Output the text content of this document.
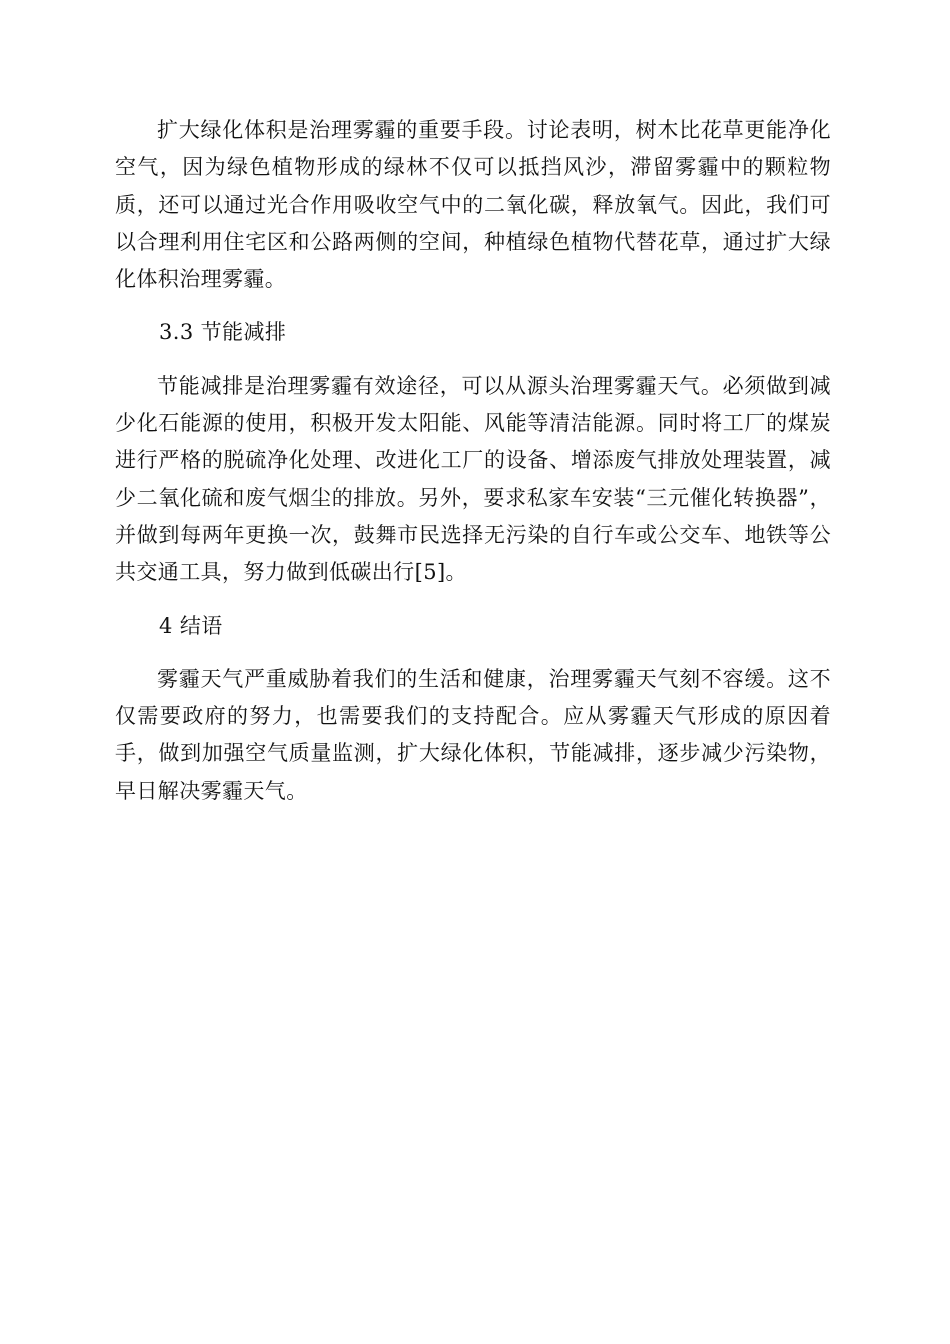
扩大绿化体积是治理雾霾的重要手段。讨论表明，树木比花草更能净化空气，因为绿色植物形成的绿林不仅可以抵挡风沙，滞留雾霾中的颗粒物质，还可以通过光合作用吸收空气中的二氧化碳，释放氧气。因此，我们可以合理利用住宅区和公路两侧的空间，种植绿色植物代替花草，通过扩大绿化体积治理雾霾。

3.3 节能减排

节能减排是治理雾霾有效途径，可以从源头治理雾霾天气。必须做到减少化石能源的使用，积极开发太阳能、风能等清洁能源。同时将工厂的煤炭进行严格的脱硫净化处理、改进化工厂的设备、增添废气排放处理装置，减少二氧化硫和废气烟尘的排放。另外，要求私家车安装“三元催化转换器”，并做到每两年更换一次，鼓舞市民选择无污染的自行车或公交车、地铁等公共交通工具，努力做到低碳出行[5]。

4 结语

雾霾天气严重威胁着我们的生活和健康，治理雾霾天气刻不容缓。这不仅需要政府的努力，也需要我们的支持配合。应从雾霾天气形成的原因着手，做到加强空气质量监测，扩大绿化体积，节能减排，逐步减少污染物，早日解决雾霾天气。
